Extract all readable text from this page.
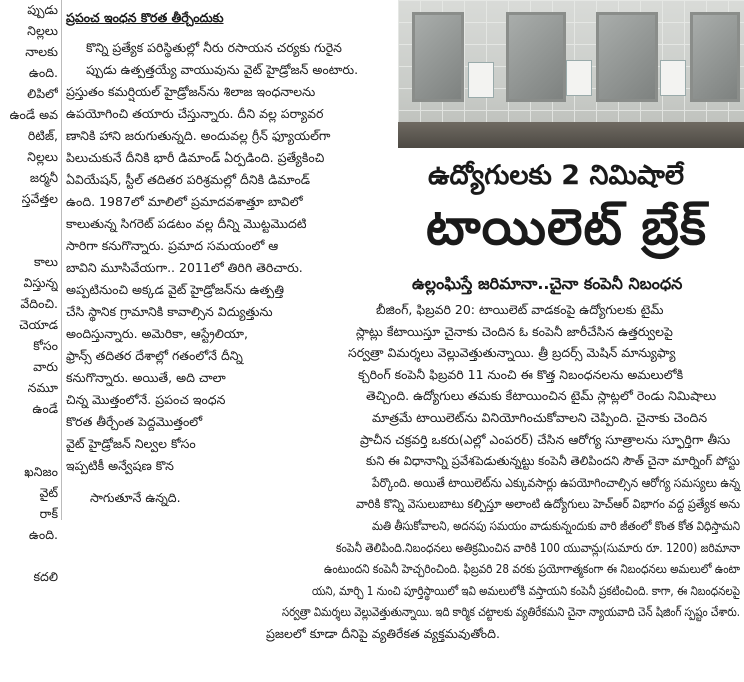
ప్పుడు
నిల్లలు
నాలకు
ఉంది.
లిపిలో
ఉండే అవ
రిటిజ్‌,
నిల్లలు
జర్మనీ
స్తవేత్తల
కాలు
విస్తున్న
వేదించి.
చెయాడ
కోసం
వారు
నమూ
ఉండే
ఖనిజం
వైట్
రాక్‌
ఉంది.
కదలి
ప్రపంచ ఇంధన కొరత తీర్చేందుకు
కొన్ని ప్రత్యేక పరిస్థితుల్లో నీరు రసాయన చర్యకు గురైన
ప్పుడు ఉత్పత్తయ్యే వాయువును వైట్‌ హైడ్రోజన్‌ అంటారు.
ప్రస్తుతం కమర్షియల్‌ హైడ్రోజన్‌ను శిలాజ ఇంధనాలను
ఉపయోగించి తయారు చేస్తున్నారు. దీని వల్ల పర్యావర
ణానికి హాని జరుగుతున్నది. అందువల్ల గ్రీన్‌ ఫ్యూయల్‌గా
పిలుచుకునే దీనికి భారీ డిమాండ్‌ ఏర్పడింది. ప్రత్యేకించి
ఏవియేషన్‌, స్టీల్‌ తదితర పరిశ్రమల్లో దీనికి డిమాండ్‌
ఉంది. 1987లో మాలిలో ప్రమాదవశాత్తూ బావిలో
కాలుతున్న సిగరెట్‌ పడటం వల్ల దీన్ని మొట్టమొదటి
సారిగా కనుగొన్నారు. ప్రమాద సమయంలో ఆ
బావిని మూసివేయగా.. 2011లో తిరిగి తెరిచారు.
అప్పటినుంచి అక్కడ వైట్‌ హైడ్రోజన్‌ను ఉత్పత్తి
చేసి స్థానిక గ్రామానికి కావాల్సిన విద్యుత్తును
అందిస్తున్నారు. అమెరికా, ఆస్ట్రేలియా,
ఫ్రాన్స్‌ తదితర దేశాల్లో గతంలోనే దీన్ని
కనుగొన్నారు. అయితే, అది చాలా
చిన్న మొత్తంలోనే. ప్రపంచ ఇంధన
కొరత తీర్చేంత పెద్దమొత్తంలో
వైట్‌ హైడ్రోజన్‌ నిల్వల కోసం
ఇప్పటికీ అన్వేషణ కొన
సాగుతూనే ఉన్నది.
ఉద్యోగులకు 2 నిమిషాలే
టాయిలెట్‌ బ్రేక్‌
ఉల్లంఘిస్తే జరిమానా..చైనా కంపెనీ నిబంధన
బీజింగ్‌, ఫిబ్రవరి 20: టాయిలెట్‌ వాడకంపై ఉద్యోగులకు టైమ్‌
స్లాట్లు కేటాయిస్తూ చైనాకు చెందిన ఓ కంపెనీ జారీచేసిన ఉత్తర్వులపై
సర్వత్రా విమర్శలు వెల్లువెత్తుతున్నాయి. త్రీ బ్రదర్స్‌ మెషిన్‌ మాన్యుఫ్యా
క్చరింగ్‌ కంపెనీ ఫిబ్రవరి 11 నుంచి ఈ కొత్త నిబంధనలను అమలులోకి
తెచ్చింది. ఉద్యోగులు తమకు కేటాయించిన టైమ్‌ స్లాట్లలో రెండు నిమిషాలు
మాత్రమే టాయిలెట్‌ను వినియోగించుకోవాలని చెప్పింది. చైనాకు చెందిన
ప్రాచీన చక్రవర్తి ఒకరు(ఎల్లో ఎంపరర్‌) చేసిన ఆరోగ్య సూత్రాలను స్ఫూర్తిగా తీసు
కుని ఈ విధానాన్ని ప్రవేశపెడుతున్నట్టు కంపెనీ తెలిపిందని సౌత్‌ చైనా మార్నింగ్‌ పోస్టు
పేర్కొంది. అయితే టాయిలెట్‌ను ఎక్కువసార్లు ఉపయోగించాల్సిన ఆరోగ్య సమస్యలు ఉన్న
వారికి కొన్ని వెసులుబాటు కల్పిస్తూ అలాంటి ఉద్యోగులు హెచ్‌ఆర్‌ విభాగం వద్ద ప్రత్యేక అను
మతి తీసుకోవాలని, అదనపు సమయం వాడుకున్నందుకు వారి జీతంలో కొంత కోత విధిస్తామని
కంపెనీ తెలిపింది.నిబంధనలు అతిక్రమించిన వారికి 100 యువాన్లు(సుమారు రూ. 1200) జరిమానా
ఉంటుందని కంపెనీ హెచ్చరించింది. ఫిబ్రవరి 28 వరకు ప్రయోగాత్మకంగా ఈ నిబంధనలు అమలులో ఉంటా
యని, మార్చి 1 నుంచి పూర్తిస్థాయిలో ఇవి అమలులోకి వస్తాయని కంపెనీ ప్రకటించింది. కాగా, ఈ నిబంధనలపై
సర్వత్రా విమర్శలు వెల్లువెత్తుతున్నాయి. ఇది కార్మిక చట్టాలకు వ్యతిరేకమని చైనా న్యాయవాది చెన్‌ షిజింగ్‌ స్పష్టం చేశారు.
ప్రజలలో కూడా దీనిపై వ్యతిరేకత వ్యక్తమవుతోంది.
